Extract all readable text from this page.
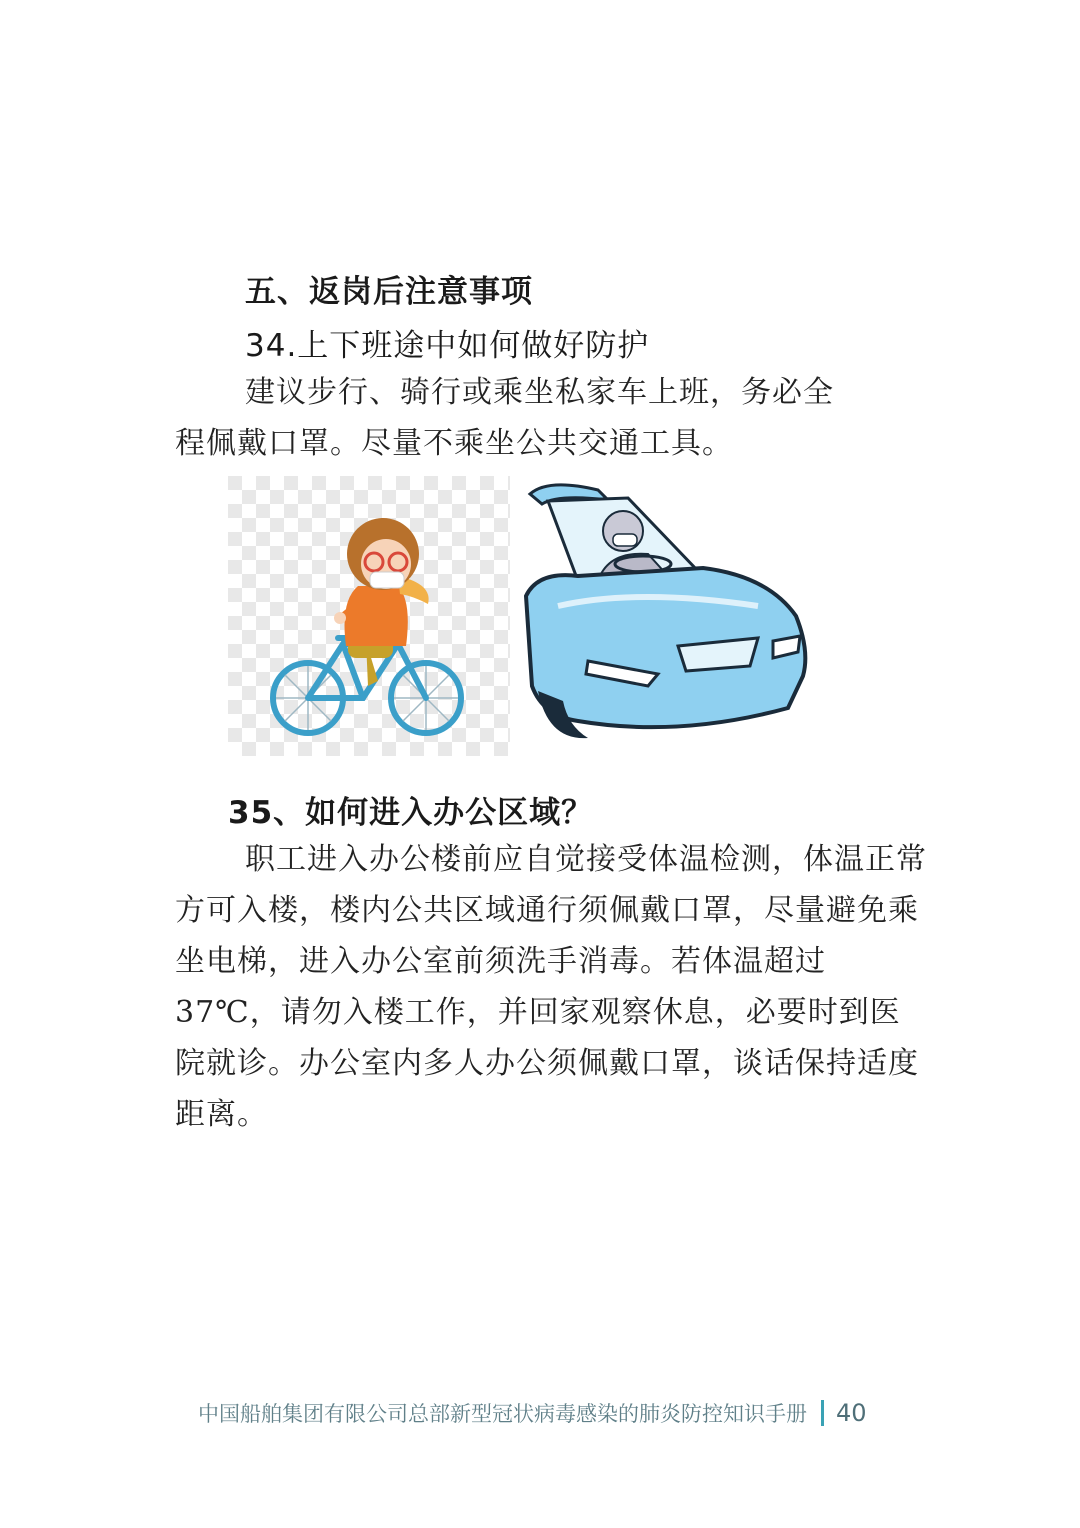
五、返岗后注意事项
34.上下班途中如何做好防护
建议步行、骑行或乘坐私家车上班，务必全程佩戴口罩。尽量不乘坐公共交通工具。
35、如何进入办公区域？
职工进入办公楼前应自觉接受体温检测，体温正常方可入楼，楼内公共区域通行须佩戴口罩，尽量避免乘坐电梯，进入办公室前须洗手消毒。若体温超过37℃，请勿入楼工作，并回家观察休息，必要时到医院就诊。办公室内多人办公须佩戴口罩，谈话保持适度距离。
中国船舶集团有限公司总部新型冠状病毒感染的肺炎防控知识手册 40
